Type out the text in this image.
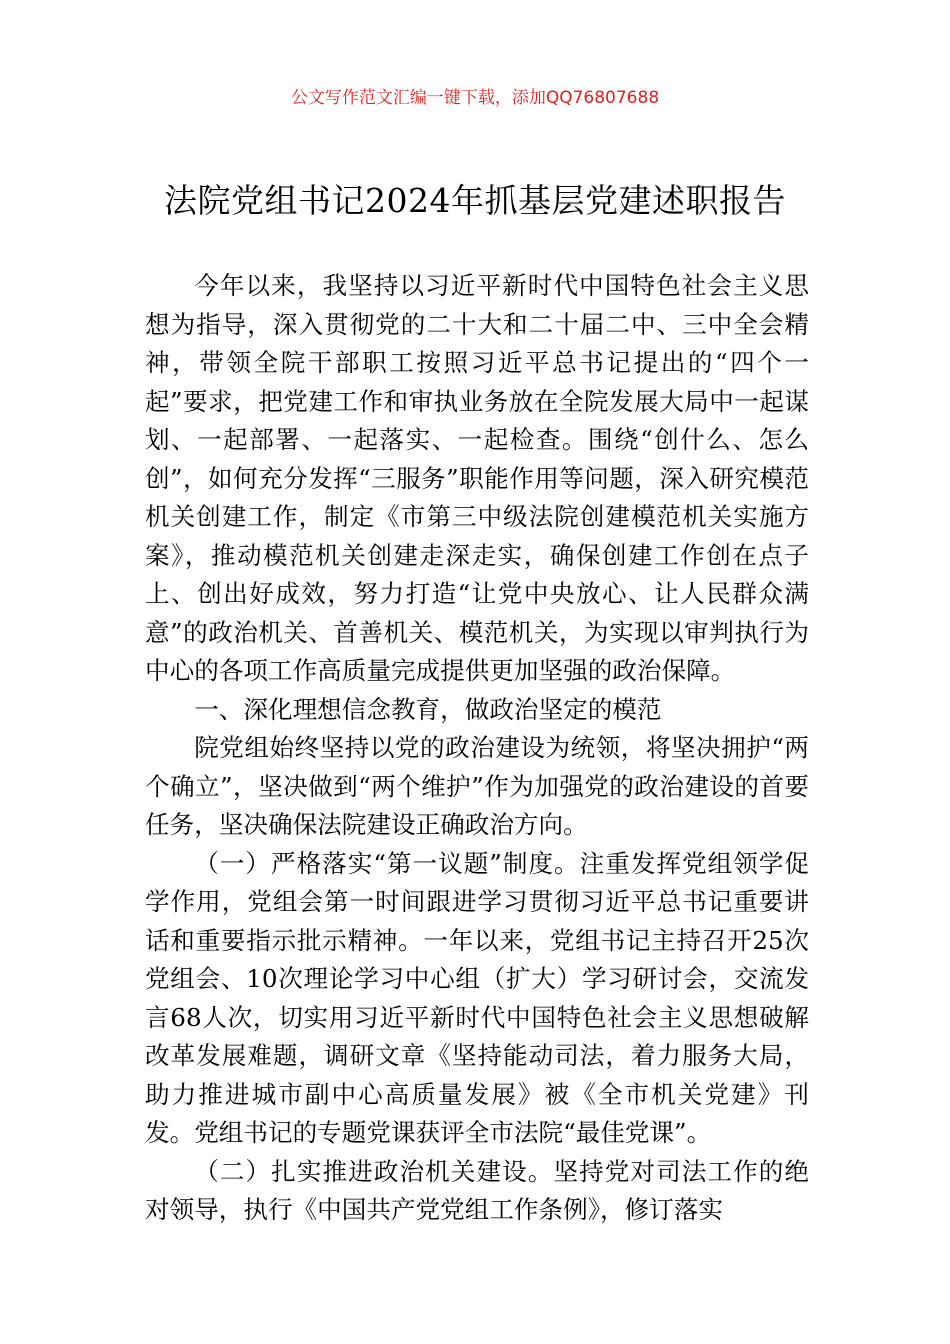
公文写作范文汇编一键下载，添加QQ76807688
法院党组书记2024年抓基层党建述职报告

今年以来，我坚持以习近平新时代中国特色社会主义思想为指导，深入贯彻党的二十大和二十届二中、三中全会精神，带领全院干部职工按照习近平总书记提出的“四个一起”要求，把党建工作和审执业务放在全院发展大局中一起谋划、一起部署、一起落实、一起检查。围绕“创什么、怎么创”，如何充分发挥“三服务”职能作用等问题，深入研究模范机关创建工作，制定《市第三中级法院创建模范机关实施方案》，推动模范机关创建走深走实，确保创建工作创在点子上、创出好成效，努力打造“让党中央放心、让人民群众满意”的政治机关、首善机关、模范机关，为实现以审判执行为中心的各项工作高质量完成提供更加坚强的政治保障。

一、深化理想信念教育，做政治坚定的模范

院党组始终坚持以党的政治建设为统领，将坚决拥护“两个确立”，坚决做到“两个维护”作为加强党的政治建设的首要任务，坚决确保法院建设正确政治方向。

（一）严格落实“第一议题”制度。注重发挥党组领学促学作用，党组会第一时间跟进学习贯彻习近平总书记重要讲话和重要指示批示精神。一年以来，党组书记主持召开25次党组会、10次理论学习中心组（扩大）学习研讨会，交流发言68人次，切实用习近平新时代中国特色社会主义思想破解改革发展难题，调研文章《坚持能动司法，着力服务大局，助力推进城市副中心高质量发展》被《全市机关党建》刊发。党组书记的专题党课获评全市法院“最佳党课”。

（二）扎实推进政治机关建设。坚持党对司法工作的绝对领导，执行《中国共产党党组工作条例》，修订落实
